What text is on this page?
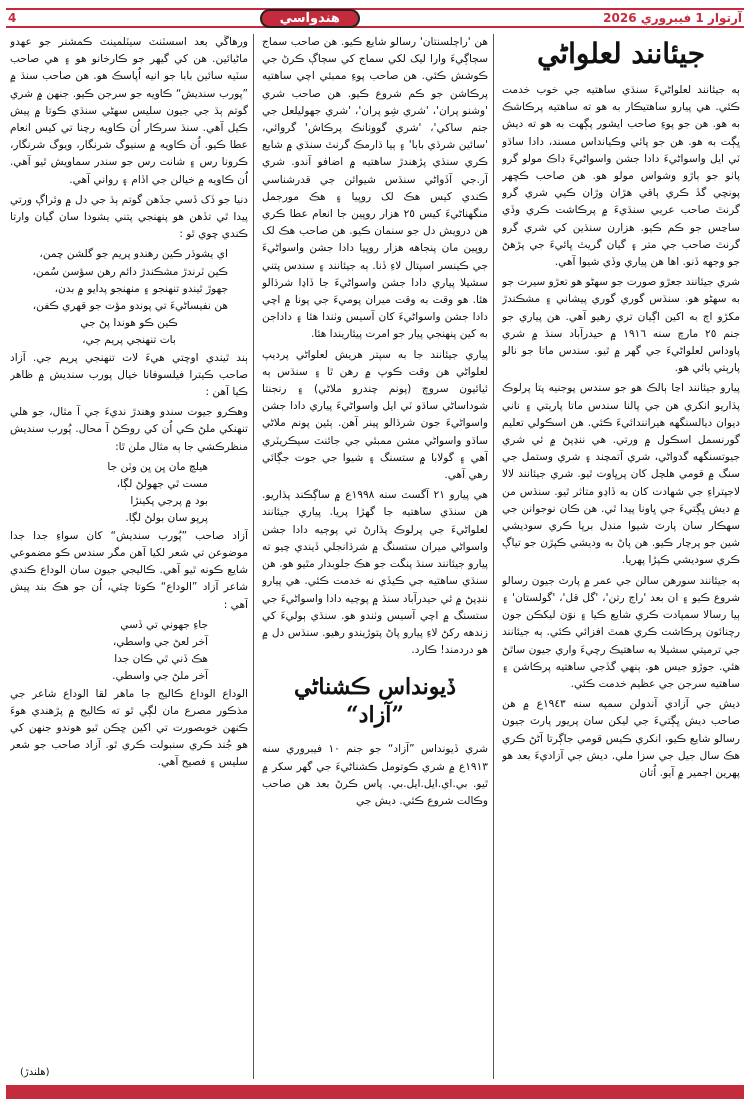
4	هندواسي	آرتوار 1 فيبروري 2026
جيئانند لعلواڻي

ٻه جيئانند لعلواڻيءَ سنڌي ساهتيه جي خوب خدمت ڪئي. هي پيارو ساهتيڪار به هو ته ساهتيه پرڪاشڪ به هو. هن جو پوءِ صاحب ايشور پڳهت به هو ته ديش ڀڳت به هو. هن جو پائي وڪيانداس مسند، دادا ساڌو ٽي ايل واسواڻيءَ دادا جشن واسواڻيءَ ڊاڪ مولو گرو پاٺو جو ٻاڙو وشواس مولو هو. هن صاحب ڪڇهر پونچي گڏ ڪري ٻاقي هڙان وڙان ڪيي شري گرو گرنٿ صاحب عربي سنڌيءَ ۾ پرڪاشت ڪري وڏي ساڃس جو ڪم ڪيو. هزارن سنڌين کي شري گرو گرنٿ صاحب جي متر ۽ گيان گريٿ ڀائيءَ جي پڙهڻ جو وجهه ڏنو. اها هن پياري وڏي شيوا آهي.

شري جيئانند جعڙو صورت جو سهڻو هو تعڙو سيرت جو به سهڻو هو. سنڌس گوري گوري پيشاني ۽ مشڪندڙ مکڙو اڄ به اکين اڳيان تري رهيو آهي. هن پياري جو جنم ٢٥ مارچ سنه ١٩١٦ ۾ حيدرآباد سنڌ ۾ شري پاوداس لعلواڻيءَ جي گهر ۾ ٿيو. سندس ماتا جو نالو پارٻتي ٻائي هو.

پيارو جيئانند اڃا ٻالڪ هو جو سندس پوجنيه پتا پرلوڪ پڌاريو انکري هن جي پالنا سندس ماتا پارٻتي ۽ ناني ديوان ديالسنگهه هيرانندائيءَ ڪئي. هن اسڪولي تعليم گورنسمل اسڪول ۾ ورتي. هي ننڍپڻ ۾ ئي شري جيوتسنگهه گدواڻي، شري آتمچند ۽ شري وستمل جي سنگ ۾ قومي هلچل کان پرڀاوت ٿيو. شري جيئانند لالا لاجپتراءِ جي شهادت کان به ڏاڍو متاثر ٿيو. سنڌس من ۾ ديش ڀڳتيءَ جي ڀاونا پيدا ٿي. هن ڪان نوجوانن جي سهڪار سان پارٽ شيوا منڊل برپا ڪري سوديشي شين جو پرچار ڪيو. هن پاڻ به وديشي ڪپڙن جو تياڳ ڪري سوديشي ڪپڙا پهريا.

ٻه جيئانند سورهن سالن جي عمر ۾ پارٽ جيون رسالو شروع ڪيو ۽ ان بعد 'راڄ رتن'، 'گل قل'، 'گولستان' ۽ ٻيا رسالا سمپادت ڪري شايع ڪيا ۽ نوَن ليکڪن جون رچنائون پرڪاشت ڪري همٿ افزائي ڪئي. ٻه جيئانند جي ترميتي سشيلا به ساهتيڪ رچيءَ واري جيون ساٿڻ هئي. جوڙو جيس هو. ٻنهي گڏجي ساهتيه پرڪاشن ۽ ساهتيه سرجن جي عظيم خدمت ڪئي.

ديش جي آزادي آندولن سمپه سنه ١٩٤٣ع ۾ هن صاحب ديش ڀڳتيءَ جي ليکن سان پريور پارٽ جيون رسالو شايع ڪيو، انکري ڪيس قومي جاڳرتا آڻڻ ڪري هڪ سال جيل جي سزا ملي. ديش جي آزاديءَ بعد هو پهرين اجمير ۾ آيو. اُتان

هن 'راڄلسنتان' رسالو شايع ڪيو. هن صاحب سماج سڄاڳيءَ وارا ليک لکي سماج کي سڄاڳ ڪرڻ جي ڪوشش ڪئي. هن صاحب پوءِ ممبئي اچي ساهتيه پرڪاشن جو ڪم شروع ڪيو. هن صاحب شري 'وشنو پران'، 'شري شِو پران'، 'شري جهوليلعل جي جنم ساکي'، 'شري گوونانڪ پرڪاش' گروائي، 'سائين شرڌي بابا' ۽ ٻيا ڌارمڪ گرنٿ سنڌي ۾ شايع ڪري سنڌي پڙهندڙ ساهتيه ۾ اضافو آندو. شري آر.جي آڏواڻي سنڌس شيوائن جي قدرشناسي ڪندي کيس هڪ لک روپيا ۽ هڪ مورجمل منگهناڻيءَ کيس ٢٥ هزار روپين جا انعام عطا ڪري هن درويش دل جو سنمان ڪيو. هن صاحب هڪ لک روپين مان پنجاهه هزار روپيا دادا جشن واسواڻيءَ جي ڪينسر اسپتال لاءِ ڏنا. ٻه جيئانند ۽ سندس پتني سشيلا پياري دادا جشن واسواڻيءَ جا ڏاڍا شرڌالو هئا. هو وقت به وقت ميران پوميءَ جي پونا ۾ اچي دادا جشن واسواڻيءَ کان آسيس وٺندا هئا ۽ داداجن به کين پنهنجي پيار جو امرت پيئاريندا هئا.

پياري جيئانند جا به سپتر هريش لعلواڻي پرديپ لعلواڻي هن وقت ڪوپ ۾ رهن ٿا ۽ سنڌس ٻه ئيائيون سروچ (پونم چندرو ملاڻي) ۽ رنجنتا شوداساڻي ساڌو ٽي ايل واسواڻيءَ پياري دادا جشن واسواڻيءَ جون شرڌالو پينر آهن. ٻئين پونم ملاڻي ساڌو واسواڻي مشن ممبئي جي جائنٽ سيڪريٽري آهي ۽ گولابا ۾ ستسنگ ۽ شيوا جي جوت جڳائي رهي آهي.

هي پيارو ٢١ آگسٽ سنه ١٩٩٨ع ۾ ساڳڪند پڌاريو. هن سنڌي ساهتيه جا گهڙا پريا. پياري جيئانند لعلواڻيءَ جي پرلوڪ پڌارڻ تي پوڄيه دادا جشن واسواڻي ميران ستسنگ ۾ شرڌانجلي ڏيندي چيو ته پيارو جيئانند سنڌ پنگت جو هڪ جلوبدار مٿيو هو. هن سنڌي ساهتيه جي ڪيڏي نه خدمت ڪئي. هي پيارو ننڍپڻ ۾ ئي حيدرآباد سنڌ ۾ پوڄيه دادا واسواڻيءَ جي ستسنگ ۾ اچي آسيس وٺندو هو. سنڌي ٻوليءَ کي زندهه رکڻ لاءِ پيارو پاڻ پتوڙيندو رهيو. سنڌس دل ۾ هو دردمند! ڪارد.

ڏيونداس ڪشناڻي ”آزاد“

شري ڏيونداس ”آزاد“ جو جنم ١٠ فيبروري سنه ١٩١٣ع ۾ شري ڪوتومل ڪشناڻيءَ جي گهر سکر ۾ ٿيو. بي.اي.ايل.ايل.بي. پاس ڪرڻ بعد هن صاحب وڪالت شروع ڪئي. ديش جي

ورهاڱي بعد اسسٽنٽ سيٽلمينٽ ڪمشنر جو عهدو ماڻيائين. هن کي گيهر جو ڪارخانو هو ۽ هي صاحب سٽيه سائين بابا جو انيه اُپاسڪ هو. هن صاحب سنڌ ۾ ”پورب سنديش“ ڪاويه جو سرجن ڪيو. جنهن ۾ شري گوتم ٻڌ جي جيون سليس سهڻي سنڌي ڪوتا ۾ پيش ڪيل آهي. سنڌ سرڪار اُن ڪاويه رچنا تي کيس انعام عطا ڪيو. اُن ڪاويه ۾ سنيوگ شرنگار، ويوگ شرنگار، ڪرونا رس ۽ شانت رس جو سندر سماويش ٿيو آهي. اُن ڪاويه ۾ خيالن جي اڏام ۽ رواني آهي.

دنيا جو ڏک ڏسي جڏهن گوتم ٻڌ جي دل ۾ وئراڳ ورتي پيدا ٿي تڏهن هو پنهنجي پتني يشودا سان گيان وارتا ڪندي چوي ٿو :

اي يشوڌر ڪين رهندو پريم جو گلشن چمن،
ڪين ٽرندڙ مشڪندڙ دائم رهن سؤسن سُمن،
جهوڙ ٿيندو تنهنجو ۽ منهنجو پدايو ۾ بدن،
هن نفيساڻيءَ تي پوندو مؤت جو قهري ڪفن،
ڪين ڪو هوندا پڻ جي
بات تنهنجي پريم جي،

ٻند ٿيندي اوچتي هيءَ لات تنهنجي پريم جي. آزاد صاحب ڪيترا فيلسوفانا خيال پورب سنديش ۾ ظاهر ڪيا آهن :

وهڪرو جيوت سندو وهندڙ نديءَ جي آ مثال، جو هلي تنهنکي ملڻ ڪي اُن کي روڪڻ آ محال. پُورب سنديش منظرڪشي جا ٻه مثال ملن ٿا:

هيلچ مان ڀن ڀن وٽن جا
مست ٿي جهولڻ لڳا،
بود ۾ پرجي پکينڙا
پرپو سان بولڻ لڳا.

آزاد صاحب ”پُورب سنديش“ کان سواءِ جدا جدا موضوعن تي شعر لکيا آهن مگر سندس ڪو مضموعي شايع ڪونه ٿيو آهي. ڪاليجي جيون سان الوداع ڪندي شاعر آزاد ”الوداع“ ڪوتا چئي، اُن جو هڪ بند پيش آهي :

جاءِ جهوني تي ڏسي
آخر لعڻ جي واسطي،
هڪ ڏني ٿي ڪان جدا
آخر ملڻ جي واسطي.

الوداع الوداع ڪاليج جا ماهر لقا الوداع شاعر جي مذڪور مصرع مان لڳي ٿو ته ڪاليج ۾ پڙهندي هوءَ ڪنهن خوبصورت تي اکين ڇڪن ٿيو هوندو جنهن کي هو جُند ڪري سنبولت ڪري ٿو. آزاد صاحب جو شعر سليس ۽ فصيح آهي.

(هلندڙ)
